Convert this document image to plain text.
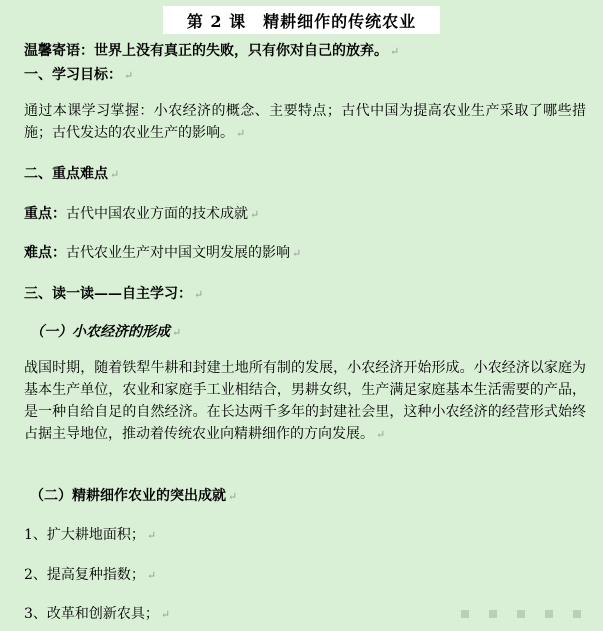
第 2 课　精耕细作的传统农业
温馨寄语：世界上没有真正的失败，只有你对自己的放弃。 ↵
一、学习目标： ↵
通过本课学习掌握：小农经济的概念、主要特点；古代中国为提高农业生产采取了哪些措施；古代发达的农业生产的影响。 ↵
二、重点难点 ↵
重点：古代中国农业方面的技术成就 ↵
难点：古代农业生产对中国文明发展的影响 ↵
三、读一读——自主学习： ↵
（一）小农经济的形成 ↵
战国时期，随着铁犁牛耕和封建土地所有制的发展，小农经济开始形成。小农经济以家庭为基本生产单位，农业和家庭手工业相结合，男耕女织，生产满足家庭基本生活需要的产品，是一种自给自足的自然经济。在长达两千多年的封建社会里，这种小农经济的经营形式始终占据主导地位，推动着传统农业向精耕细作的方向发展。 ↵
（二）精耕细作农业的突出成就 ↵
1、扩大耕地面积； ↵
2、提高复种指数； ↵
3、改革和创新农具； ↵
